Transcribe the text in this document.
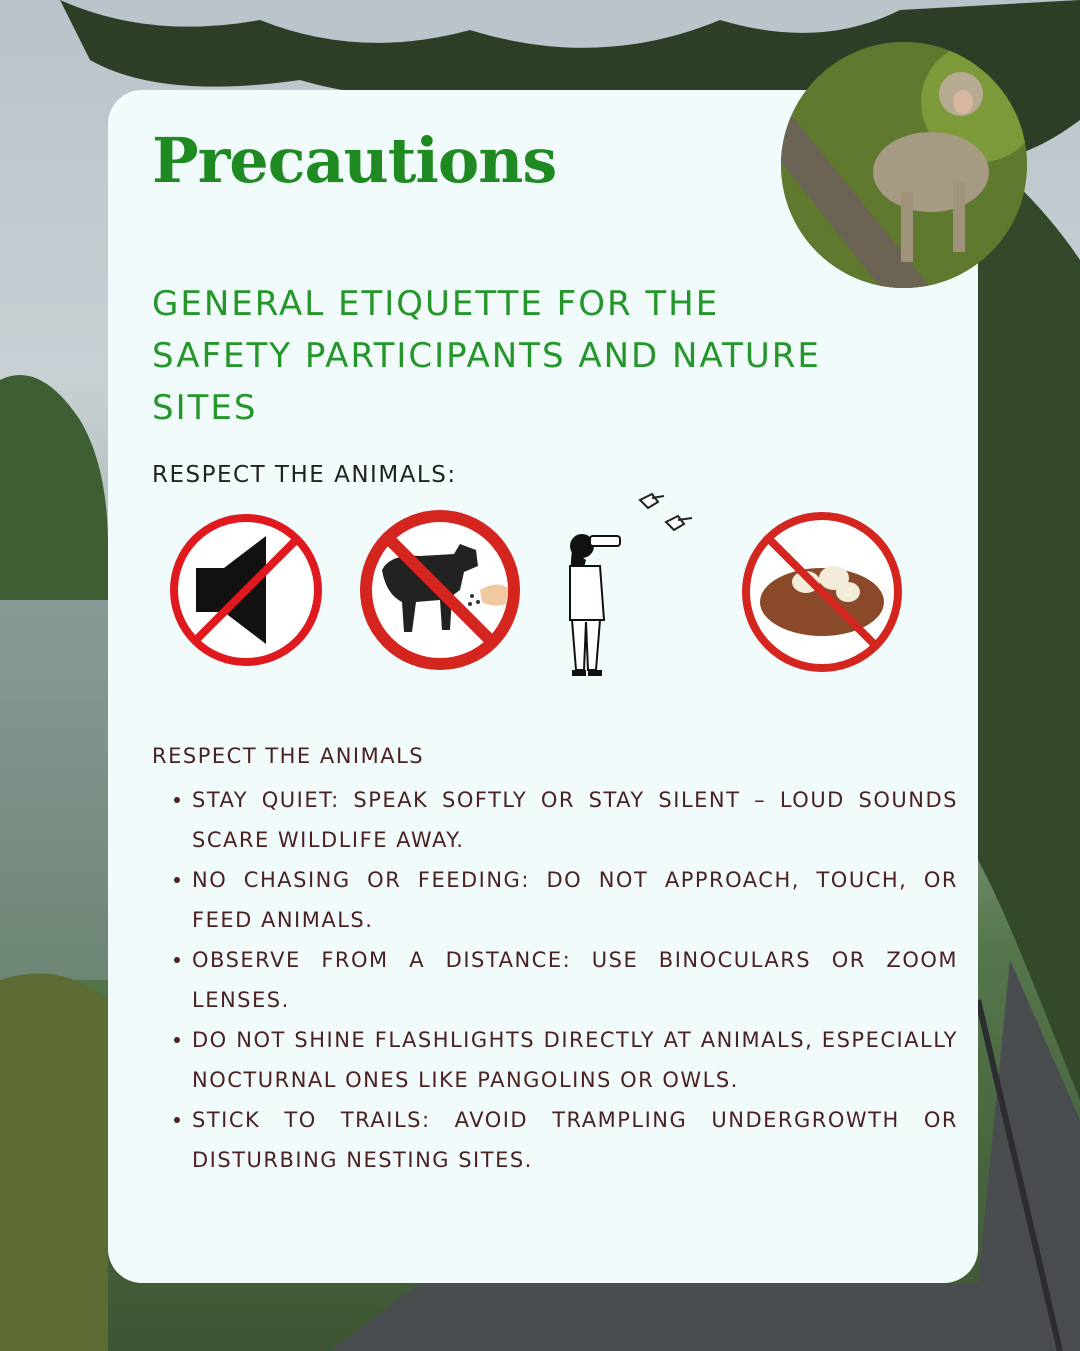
Precautions

GENERAL ETIQUETTE FOR THE SAFETY PARTICIPANTS AND NATURE SITES

RESPECT THE ANIMALS:

RESPECT THE ANIMALS

STAY QUIET: SPEAK SOFTLY OR STAY SILENT – LOUD SOUNDS SCARE WILDLIFE AWAY.
NO CHASING OR FEEDING: DO NOT APPROACH, TOUCH, OR FEED ANIMALS.
OBSERVE FROM A DISTANCE: USE BINOCULARS OR ZOOM LENSES.
DO NOT SHINE FLASHLIGHTS DIRECTLY AT ANIMALS, ESPECIALLY NOCTURNAL ONES LIKE PANGOLINS OR OWLS.
STICK TO TRAILS: AVOID TRAMPLING UNDERGROWTH OR DISTURBING NESTING SITES.
